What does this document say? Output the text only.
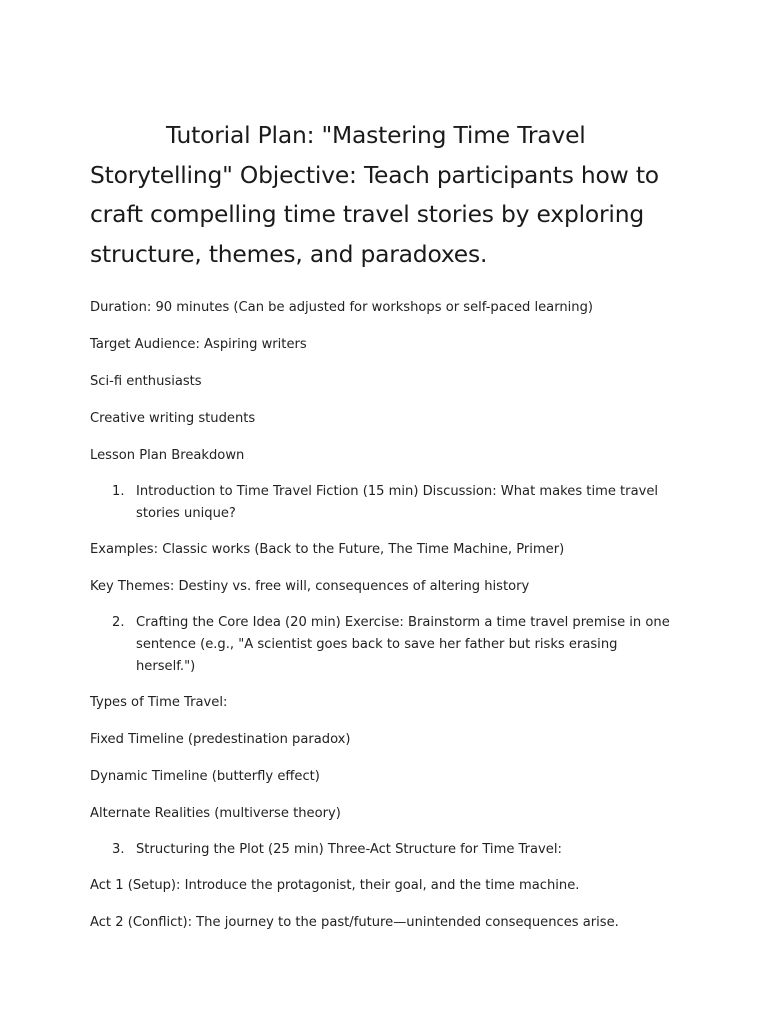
Tutorial Plan: "Mastering Time Travel Storytelling" Objective: Teach participants how to craft compelling time travel stories by exploring structure, themes, and paradoxes.
Duration: 90 minutes (Can be adjusted for workshops or self-paced learning)
Target Audience: Aspiring writers
Sci-fi enthusiasts
Creative writing students
Lesson Plan Breakdown
1. Introduction to Time Travel Fiction (15 min) Discussion: What makes time travel stories unique?
Examples: Classic works (Back to the Future, The Time Machine, Primer)
Key Themes: Destiny vs. free will, consequences of altering history
2. Crafting the Core Idea (20 min) Exercise: Brainstorm a time travel premise in one sentence (e.g., "A scientist goes back to save her father but risks erasing herself.")
Types of Time Travel:
Fixed Timeline (predestination paradox)
Dynamic Timeline (butterfly effect)
Alternate Realities (multiverse theory)
3. Structuring the Plot (25 min) Three-Act Structure for Time Travel:
Act 1 (Setup): Introduce the protagonist, their goal, and the time machine.
Act 2 (Conflict): The journey to the past/future—unintended consequences arise.
